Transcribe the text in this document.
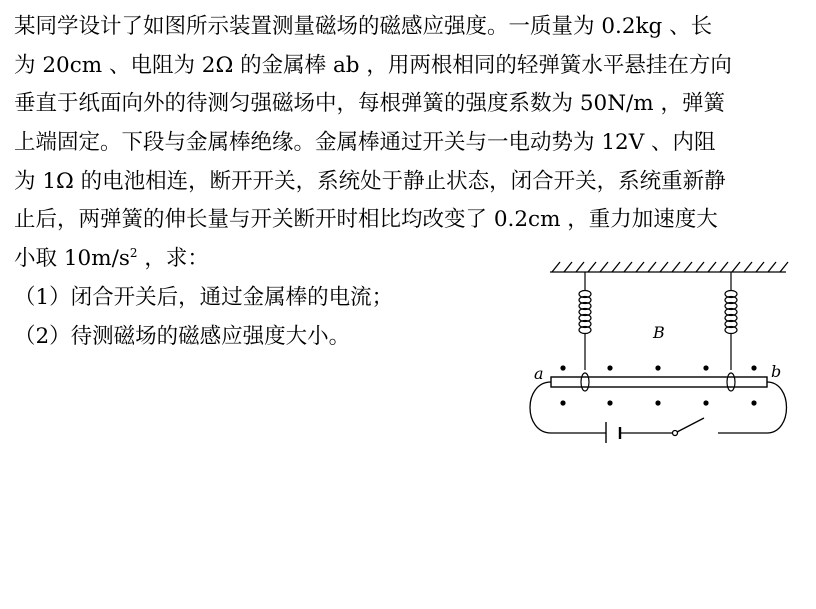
某同学设计了如图所示装置测量磁场的磁感应强度。一质量为 0.2kg 、长
为 20cm 、电阻为 2Ω 的金属棒 ab ，用两根相同的轻弹簧水平悬挂在方向
垂直于纸面向外的待测匀强磁场中，每根弹簧的强度系数为 50N/m ，弹簧
上端固定。下段与金属棒绝缘。金属棒通过开关与一电动势为 12V 、内阻
为 1Ω 的电池相连，断开开关，系统处于静止状态，闭合开关，系统重新静
止后，两弹簧的伸长量与开关断开时相比均改变了 0.2cm ，重力加速度大
小取 $10m/s^2$ ，求：
（1）闭合开关后，通过金属棒的电流；
（2）待测磁场的磁感应强度大小。	B
a	b
